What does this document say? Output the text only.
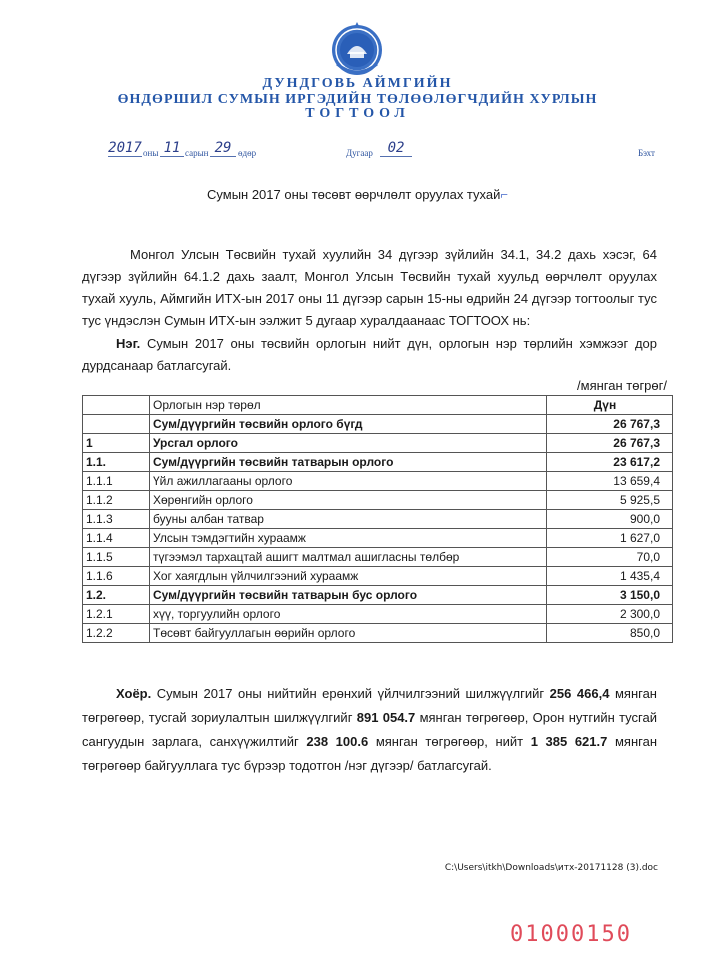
ДУНДГОВЬ АЙМГИЙН
ӨНДӨРШИЛ СУМЫН ИРГЭДИЙН ТӨЛӨӨЛӨГЧДИЙН ХУРЛЫН
ТОГТООЛ
2017 оны 11 сарын 29 өдөр	Дугаар	02	Бэхт
Сумын 2017 оны төсөвт өөрчлөлт оруулах тухай⌐
Монгол Улсын Төсвийн тухай хуулийн 34 дүгээр зүйлийн 34.1, 34.2 дахь хэсэг, 64 дүгээр зүйлийн 64.1.2 дахь заалт, Монгол Улсын Төсвийн тухай хуульд өөрчлөлт оруулах тухай хууль, Аймгийн ИТХ-ын 2017 оны 11 дүгээр сарын 15-ны өдрийн 24 дүгээр тогтоолыг тус тус үндэслэн Сумын ИТХ-ын ээлжит 5 дугаар хуралдаанаас ТОГТООХ нь:
Нэг. Сумын 2017 оны төсвийн орлогын нийт дүн, орлогын нэр төрлийн хэмжээг дор дурдсанаар батлагсугай.
/мянган төгрөг/
	Орлогын нэр төрөл	Дүн
	Сум/дүүргийн төсвийн орлого бүгд	26 767,3
1	Урсгал орлого	26 767,3
1.1.	Сум/дүүргийн төсвийн татварын орлого	23 617,2
1.1.1	Үйл ажиллагааны орлого	13 659,4
1.1.2	Хөрөнгийн орлого	5 925,5
1.1.3	бууны албан татвар	900,0
1.1.4	Улсын тэмдэгтийн хураамж	1 627,0
1.1.5	түгээмэл тархацтай ашигт малтмал ашигласны төлбөр	70,0
1.1.6	Хог хаягдлын үйлчилгээний хураамж	1 435,4
1.2.	Сум/дүүргийн төсвийн татварын бус орлого	3 150,0
1.2.1	хүү, торгуулийн орлого	2 300,0
1.2.2	Төсөвт байгууллагын өөрийн орлого	850,0
Хоёр. Сумын 2017 оны нийтийн ерөнхий үйлчилгээний шилжүүлгийг 256 466,4 мянган төгрөгөөр, тусгай зориулалтын шилжүүлгийг 891 054.7 мянган төгрөгөөр, Орон нутгийн тусгай сангуудын зарлага, санхүүжилтийг 238 100.6 мянган төгрөгөөр, нийт 1 385 621.7 мянган төгрөгөөр байгууллага тус бүрээр тодотгон /нэг дүгээр/ батлагсугай.
C:\Users\itkh\Downloads\итх-20171128 (3).doc
01000150
